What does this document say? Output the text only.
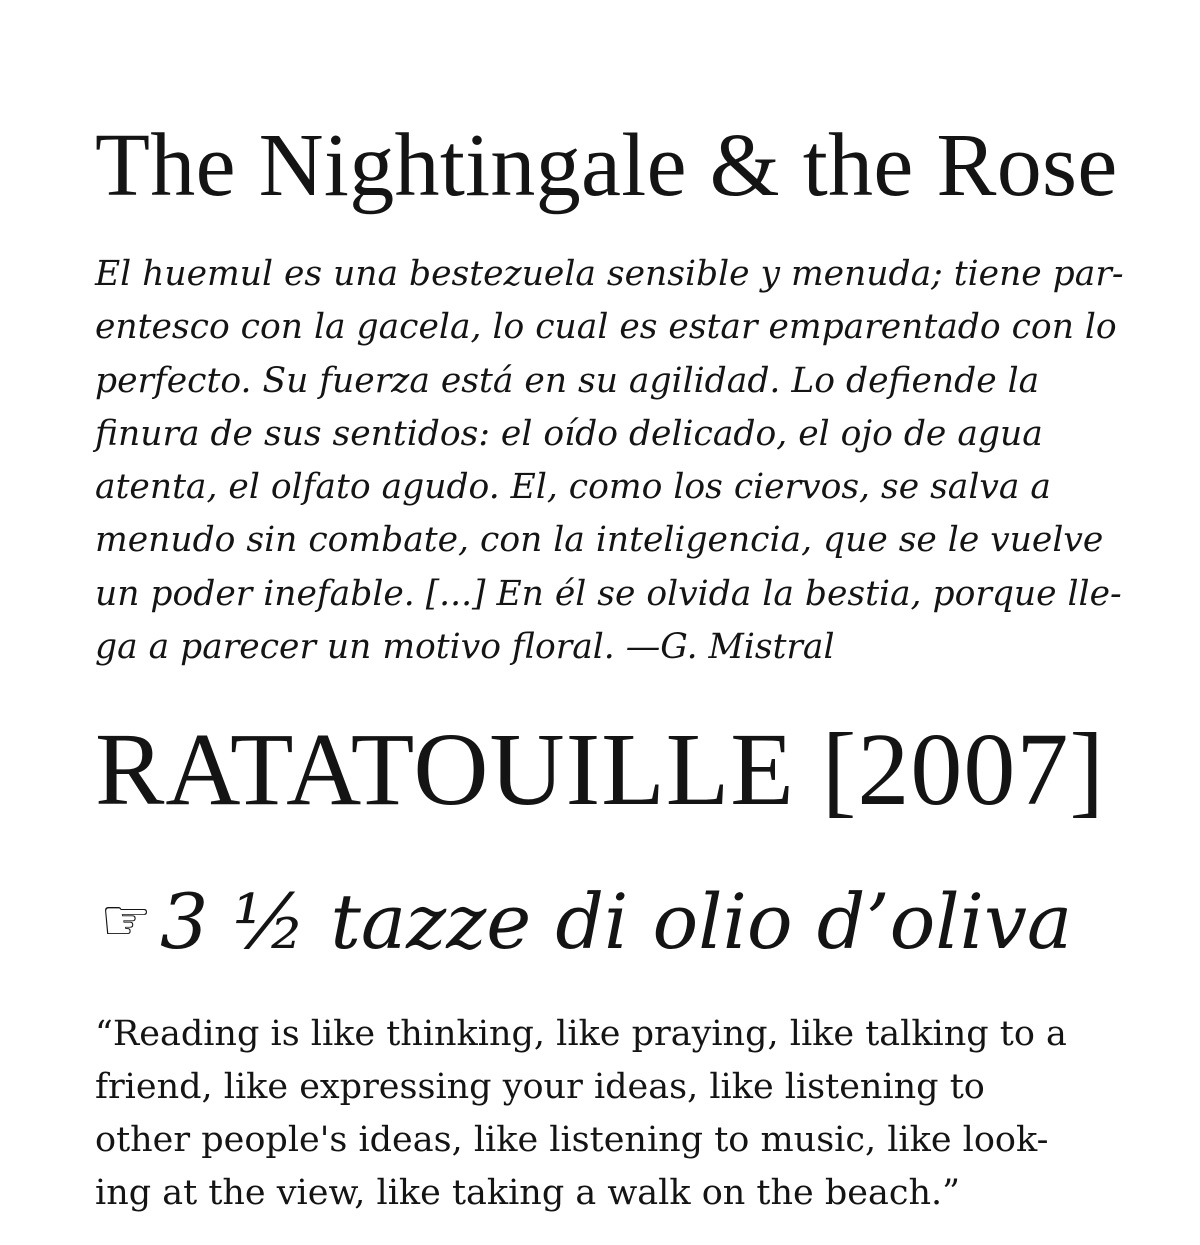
The Nightingale & the Rose
El huemul es una bestezuela sensible y menuda; tiene par-
entesco con la gacela, lo cual es estar emparentado con lo
perfecto. Su fuerza está en su agilidad. Lo defiende la
finura de sus sentidos: el oído delicado, el ojo de agua
atenta, el olfato agudo. El, como los ciervos, se salva a
menudo sin combate, con la inteligencia, que se le vuelve
un poder inefable. [...] En él se olvida la bestia, porque lle-
ga a parecer un motivo floral. —G. Mistral
RATATOUILLE [2007]
☞ 3 ½ tazze di olio d’oliva
“Reading is like thinking, like praying, like talking to a
friend, like expressing your ideas, like listening to
other people's ideas, like listening to music, like look-
ing at the view, like taking a walk on the beach.”
